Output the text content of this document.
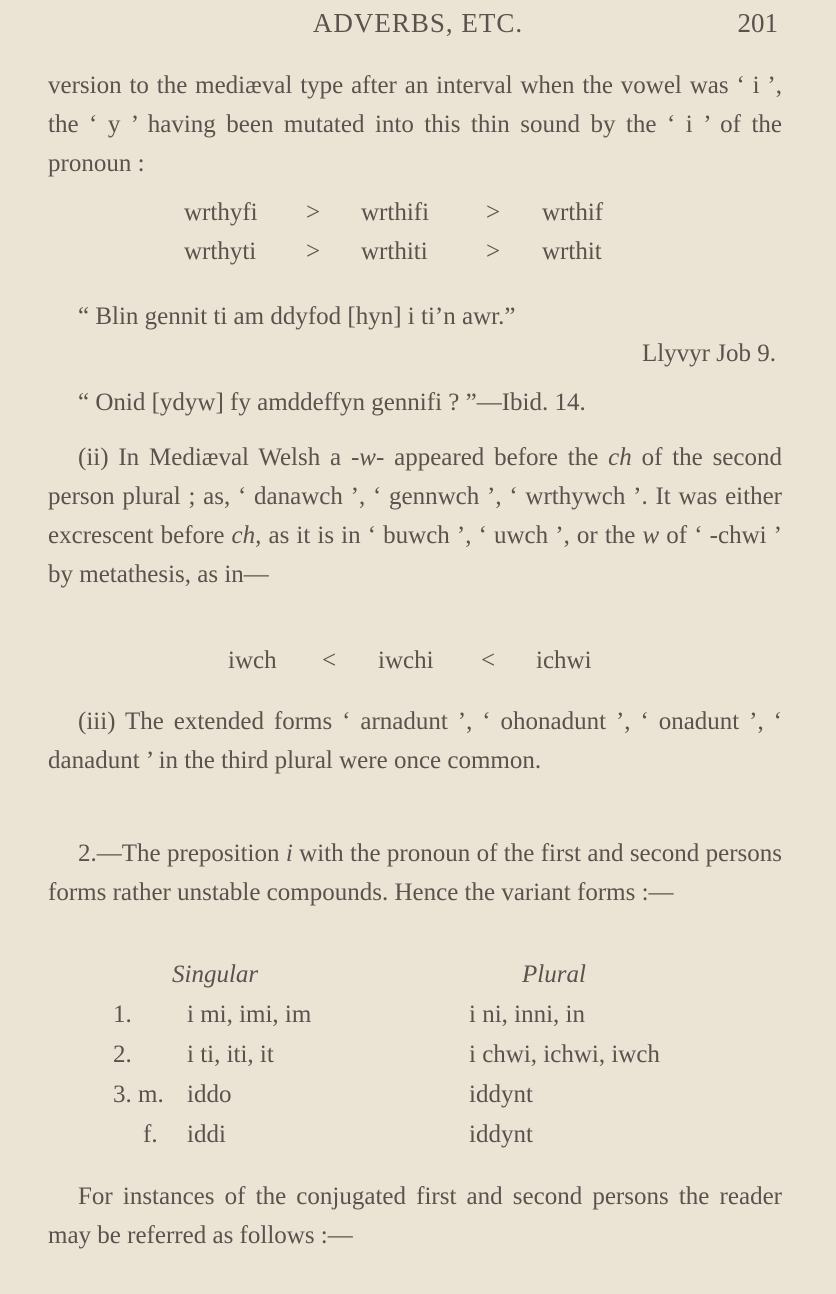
ADVERBS, ETC.	201

version to the mediæval type after an interval when the vowel was ‘ i ’, the ‘ y ’ having been mutated into this thin sound by the ‘ i ’ of the pronoun :

wrthyfi > wrthifi > wrthif
wrthyti > wrthiti > wrthit
“ Blin gennit ti am ddyfod [hyn] i ti’n awr.”
Llyvyr Job 9.
“ Onid [ydyw] fy amddeffyn gennifi ? ”—Ibid. 14.

(ii) In Mediæval Welsh a -w- appeared before the ch of the second person plural ; as, ‘ danawch ’, ‘ gennwch ’, ‘ wrthywch ’. It was either excrescent before ch, as it is in ‘ buwch ’, ‘ uwch ’, or the w of ‘ -chwi ’ by metathesis, as in—

iwch < iwchi < ichwi

(iii) The extended forms ‘ arnadunt ’, ‘ ohonadunt ’, ‘ onadunt ’, ‘ danadunt ’ in the third plural were once common.

2.—The preposition i with the pronoun of the first and second persons forms rather unstable compounds. Hence the variant forms :—

Singular	Plural
1. i mi, imi, im	i ni, inni, in
2. i ti, iti, it	i chwi, ichwi, iwch
3. m. iddo	iddynt
f. iddi	iddynt

For instances of the conjugated first and second persons the reader may be referred as follows :—
